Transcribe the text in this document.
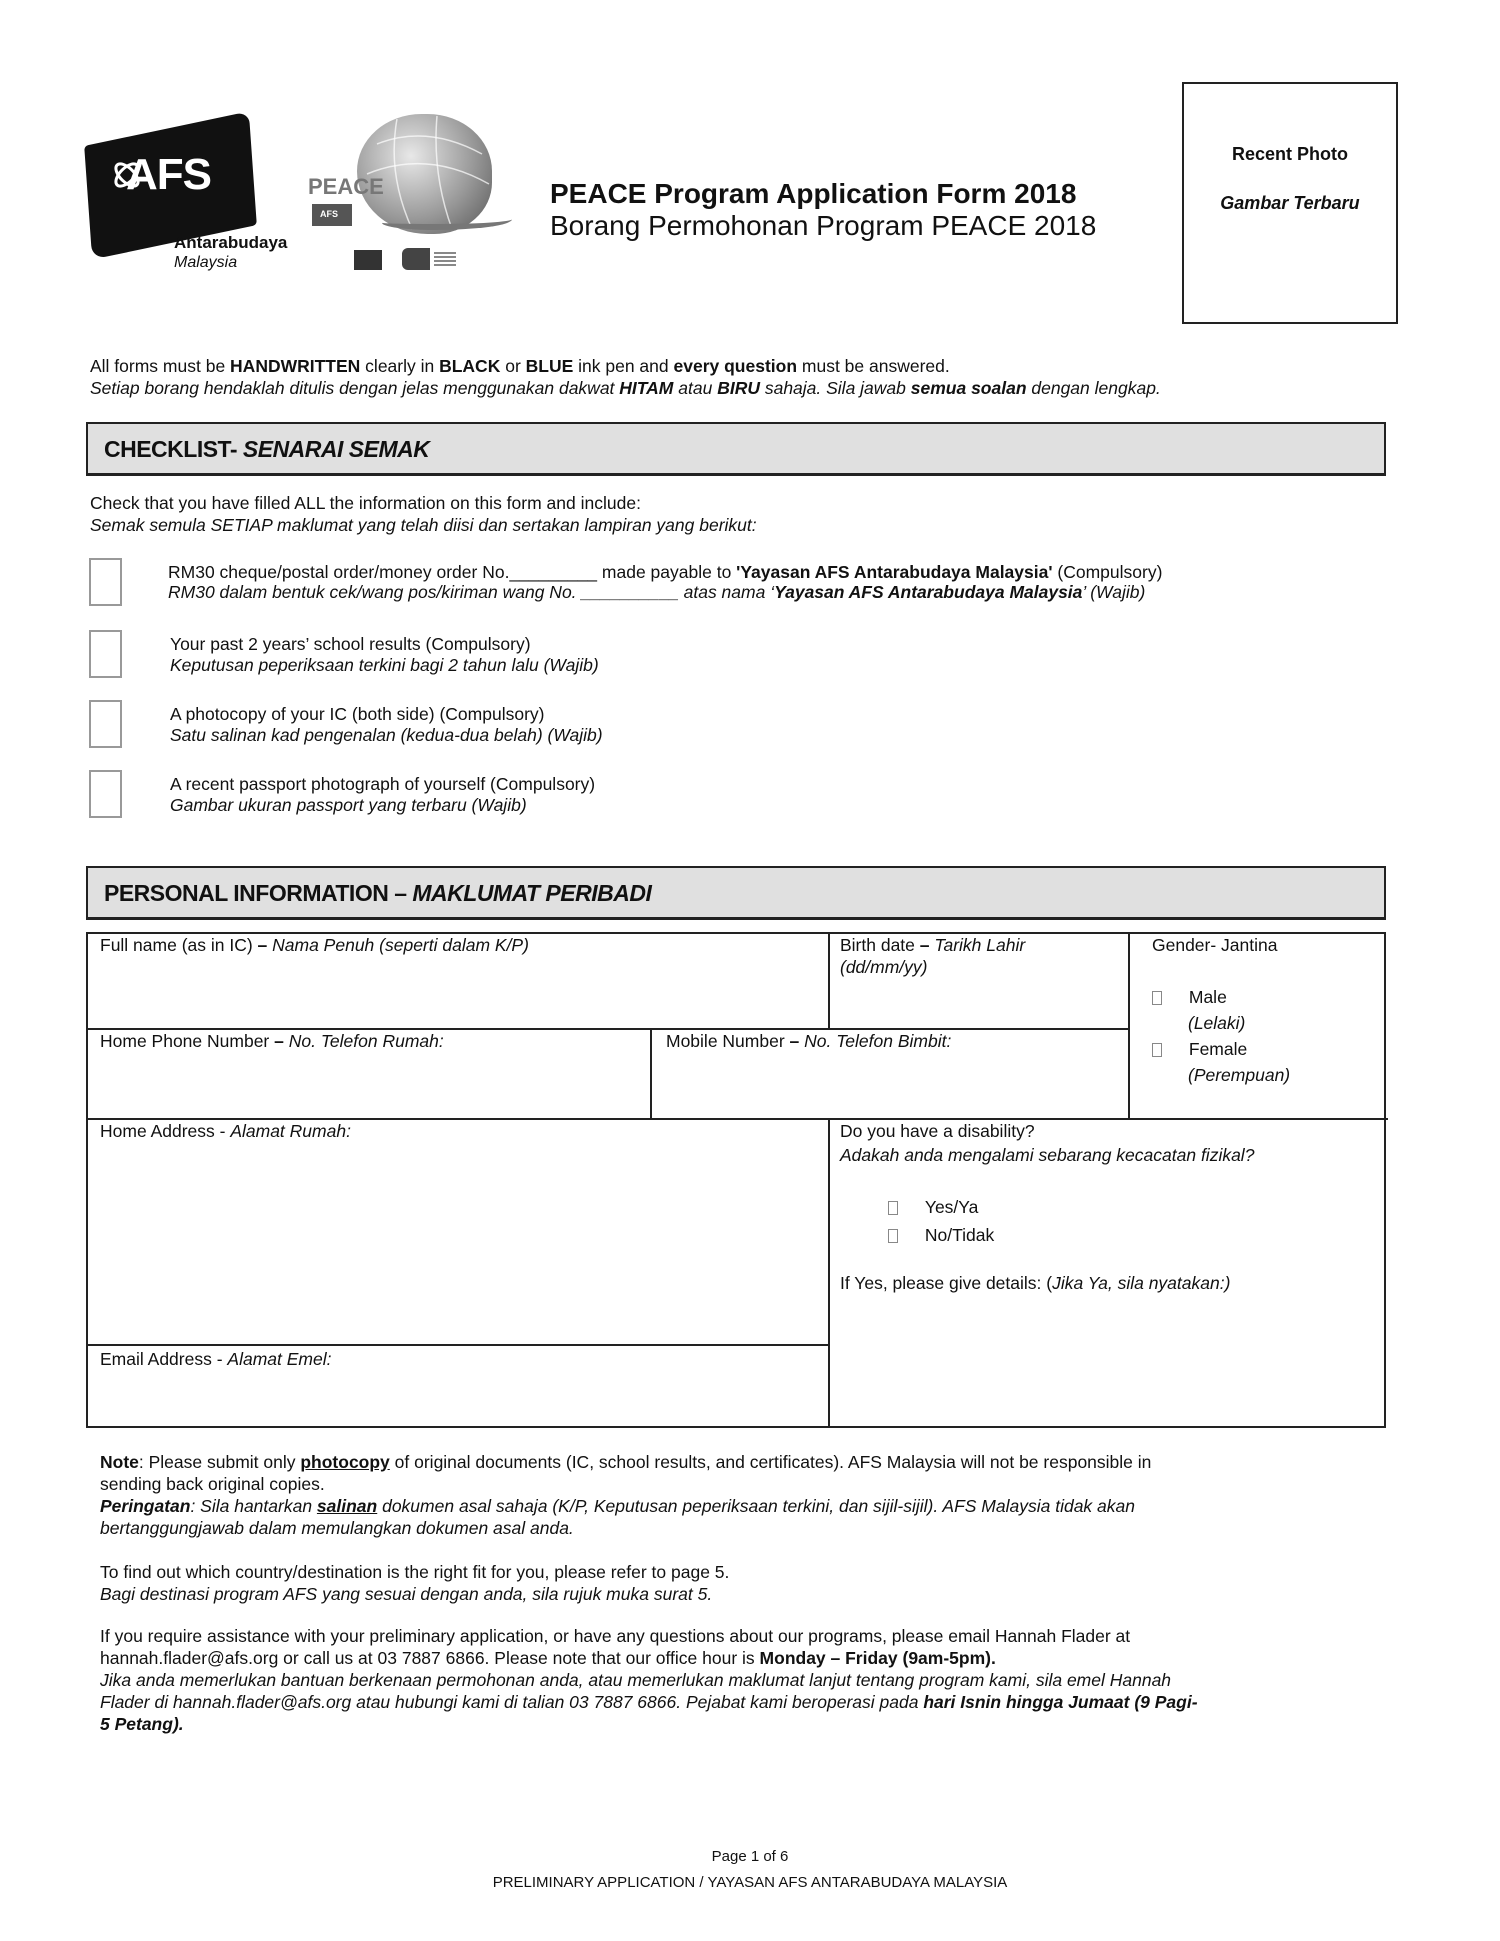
AFS
Antarabudaya
Malaysia
PEACE
AFS
PEACE Program Application Form 2018
Borang Permohonan Program PEACE 2018
Recent Photo
Gambar Terbaru
All forms must be HANDWRITTEN clearly in BLACK or BLUE ink pen and every question must be answered.
Setiap borang hendaklah ditulis dengan jelas menggunakan dakwat HITAM atau BIRU sahaja. Sila jawab semua soalan dengan lengkap.
CHECKLIST- SENARAI SEMAK
Check that you have filled ALL the information on this form and include:
Semak semula SETIAP maklumat yang telah diisi dan sertakan lampiran yang berikut:
RM30 cheque/postal order/money order No._________ made payable to 'Yayasan AFS Antarabudaya Malaysia' (Compulsory)
RM30 dalam bentuk cek/wang pos/kiriman wang No. __________ atas nama ‘Yayasan AFS Antarabudaya Malaysia’ (Wajib)
Your past 2 years’ school results (Compulsory)
Keputusan peperiksaan terkini bagi 2 tahun lalu (Wajib)
A photocopy of your IC (both side) (Compulsory)
Satu salinan kad pengenalan (kedua-dua belah) (Wajib)
A recent passport photograph of yourself (Compulsory)
Gambar ukuran passport yang terbaru (Wajib)
PERSONAL INFORMATION – MAKLUMAT PERIBADI
Full name (as in IC) – Nama Penuh (seperti dalam K/P)	Birth date – Tarikh Lahir
(dd/mm/yy)
Gender- Jantina
Male
(Lelaki)
Female
(Perempuan)
Home Phone Number – No. Telefon Rumah:	Mobile Number – No. Telefon Bimbit:
Home Address - Alamat Rumah:
Email Address - Alamat Emel:
Do you have a disability?
Adakah anda mengalami sebarang kecacatan fizikal?
Yes/Ya
No/Tidak
If Yes, please give details: (Jika Ya, sila nyatakan:)
Note: Please submit only photocopy of original documents (IC, school results, and certificates). AFS Malaysia will not be responsible in
sending back original copies.
Peringatan: Sila hantarkan salinan dokumen asal sahaja (K/P, Keputusan peperiksaan terkini, dan sijil-sijil). AFS Malaysia tidak akan
bertanggungjawab dalam memulangkan dokumen asal anda.
To find out which country/destination is the right fit for you, please refer to page 5.
Bagi destinasi program AFS yang sesuai dengan anda, sila rujuk muka surat 5.
If you require assistance with your preliminary application, or have any questions about our programs, please email Hannah Flader at
hannah.flader@afs.org or call us at 03 7887 6866. Please note that our office hour is Monday – Friday (9am-5pm).
Jika anda memerlukan bantuan berkenaan permohonan anda, atau memerlukan maklumat lanjut tentang program kami, sila emel Hannah
Flader di hannah.flader@afs.org atau hubungi kami di talian 03 7887 6866. Pejabat kami beroperasi pada hari Isnin hingga Jumaat (9 Pagi-
5 Petang).
Page 1 of 6
PRELIMINARY APPLICATION / YAYASAN AFS ANTARABUDAYA MALAYSIA
